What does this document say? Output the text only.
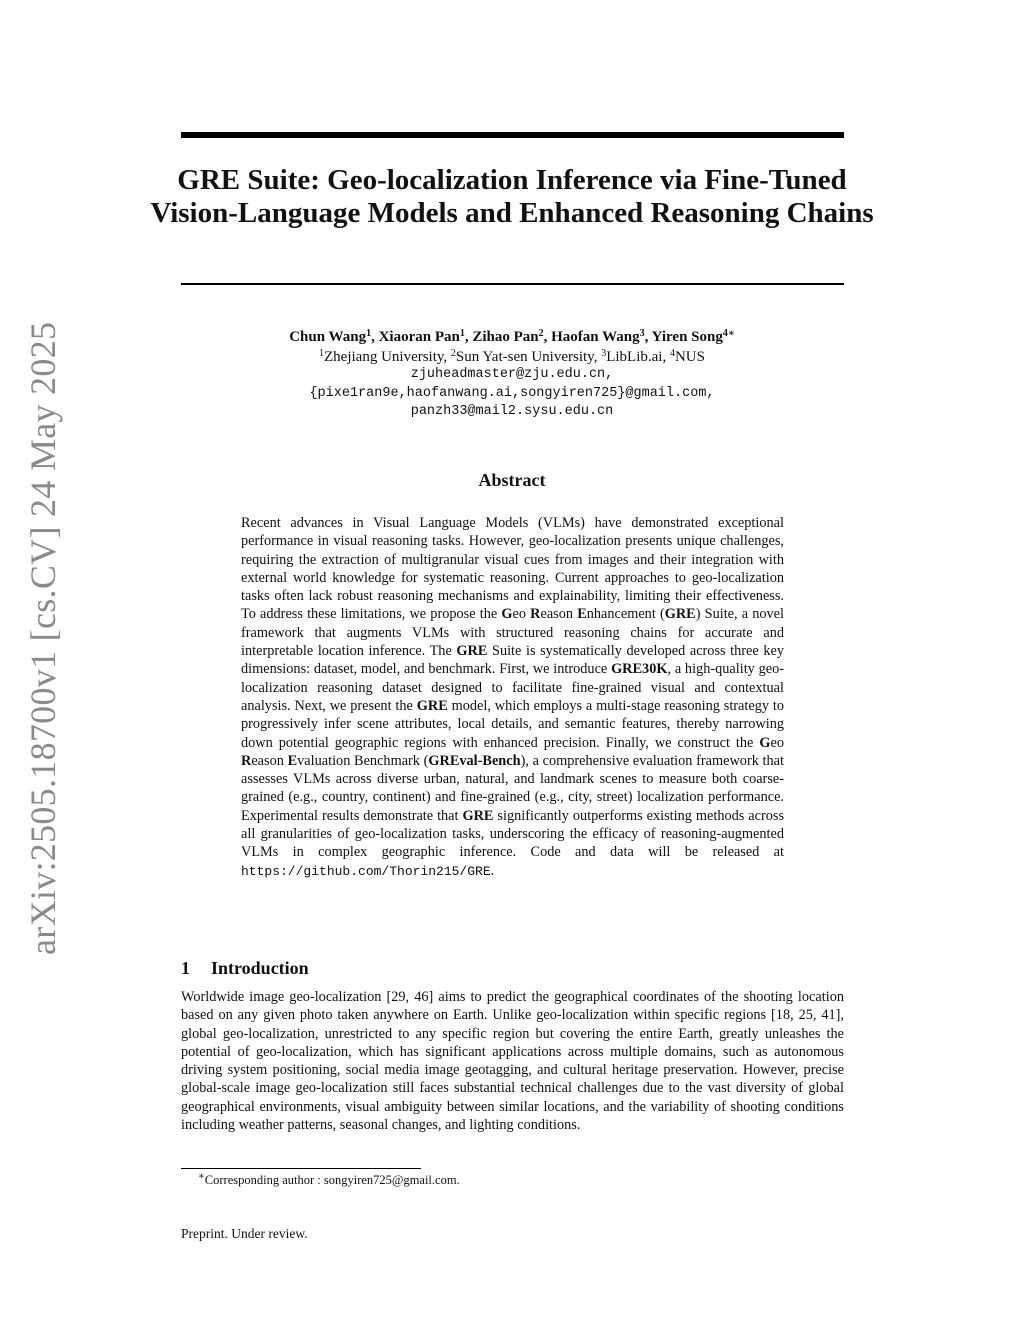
arXiv:2505.18700v1 [cs.CV] 24 May 2025
GRE Suite: Geo-localization Inference via Fine-Tuned Vision-Language Models and Enhanced Reasoning Chains
Chun Wang$^1$, Xiaoran Pan$^1$, Zihao Pan$^2$, Haofan Wang$^3$, Yiren Song$^{4∗}$
$^1$Zhejiang University, $^2$Sun Yat-sen University, $^3$LibLib.ai, $^4$NUS
zjuheadmaster@zju.edu.cn,
{pixe1ran9e,haofanwang.ai,songyiren725}@gmail.com,
panzh33@mail2.sysu.edu.cn
Abstract
Recent advances in Visual Language Models (VLMs) have demonstrated exceptional performance in visual reasoning tasks. However, geo-localization presents unique challenges, requiring the extraction of multigranular visual cues from images and their integration with external world knowledge for systematic reasoning. Current approaches to geo-localization tasks often lack robust reasoning mechanisms and explainability, limiting their effectiveness. To address these limitations, we propose the Geo Reason Enhancement (GRE) Suite, a novel framework that augments VLMs with structured reasoning chains for accurate and interpretable location inference. The GRE Suite is systematically developed across three key dimensions: dataset, model, and benchmark. First, we introduce GRE30K, a high-quality geo-localization reasoning dataset designed to facilitate fine-grained visual and contextual analysis. Next, we present the GRE model, which employs a multi-stage reasoning strategy to progressively infer scene attributes, local details, and semantic features, thereby narrowing down potential geographic regions with enhanced precision. Finally, we construct the Geo Reason Evaluation Benchmark (GREval-Bench), a comprehensive evaluation framework that assesses VLMs across diverse urban, natural, and landmark scenes to measure both coarse-grained (e.g., country, continent) and fine-grained (e.g., city, street) localization performance. Experimental results demonstrate that GRE significantly outperforms existing methods across all granularities of geo-localization tasks, underscoring the efficacy of reasoning-augmented VLMs in complex geographic inference. Code and data will be released at https://github.com/Thorin215/GRE.
1 Introduction
Worldwide image geo-localization [29, 46] aims to predict the geographical coordinates of the shooting location based on any given photo taken anywhere on Earth. Unlike geo-localization within specific regions [18, 25, 41], global geo-localization, unrestricted to any specific region but covering the entire Earth, greatly unleashes the potential of geo-localization, which has significant applications across multiple domains, such as autonomous driving system positioning, social media image geotagging, and cultural heritage preservation. However, precise global-scale image geo-localization still faces substantial technical challenges due to the vast diversity of global geographical environments, visual ambiguity between similar locations, and the variability of shooting conditions including weather patterns, seasonal changes, and lighting conditions.
∗Corresponding author : songyiren725@gmail.com.
Preprint. Under review.
